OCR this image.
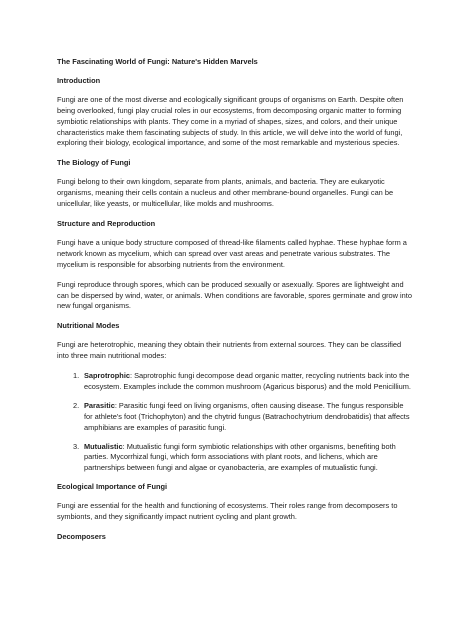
The Fascinating World of Fungi: Nature's Hidden Marvels
Introduction

Fungi are one of the most diverse and ecologically significant groups of organisms on Earth. Despite often being overlooked, fungi play crucial roles in our ecosystems, from decomposing organic matter to forming symbiotic relationships with plants. They come in a myriad of shapes, sizes, and colors, and their unique characteristics make them fascinating subjects of study. In this article, we will delve into the world of fungi, exploring their biology, ecological importance, and some of the most remarkable and mysterious species.

The Biology of Fungi

Fungi belong to their own kingdom, separate from plants, animals, and bacteria. They are eukaryotic organisms, meaning their cells contain a nucleus and other membrane-bound organelles. Fungi can be unicellular, like yeasts, or multicellular, like molds and mushrooms.

Structure and Reproduction

Fungi have a unique body structure composed of thread-like filaments called hyphae. These hyphae form a network known as mycelium, which can spread over vast areas and penetrate various substrates. The mycelium is responsible for absorbing nutrients from the environment.

Fungi reproduce through spores, which can be produced sexually or asexually. Spores are lightweight and can be dispersed by wind, water, or animals. When conditions are favorable, spores germinate and grow into new fungal organisms.

Nutritional Modes

Fungi are heterotrophic, meaning they obtain their nutrients from external sources. They can be classified into three main nutritional modes:

1. Saprotrophic: Saprotrophic fungi decompose dead organic matter, recycling nutrients back into the ecosystem. Examples include the common mushroom (Agaricus bisporus) and the mold Penicillium.
2. Parasitic: Parasitic fungi feed on living organisms, often causing disease. The fungus responsible for athlete's foot (Trichophyton) and the chytrid fungus (Batrachochytrium dendrobatidis) that affects amphibians are examples of parasitic fungi.
3. Mutualistic: Mutualistic fungi form symbiotic relationships with other organisms, benefiting both parties. Mycorrhizal fungi, which form associations with plant roots, and lichens, which are partnerships between fungi and algae or cyanobacteria, are examples of mutualistic fungi.
Ecological Importance of Fungi

Fungi are essential for the health and functioning of ecosystems. Their roles range from decomposers to symbionts, and they significantly impact nutrient cycling and plant growth.

Decomposers
